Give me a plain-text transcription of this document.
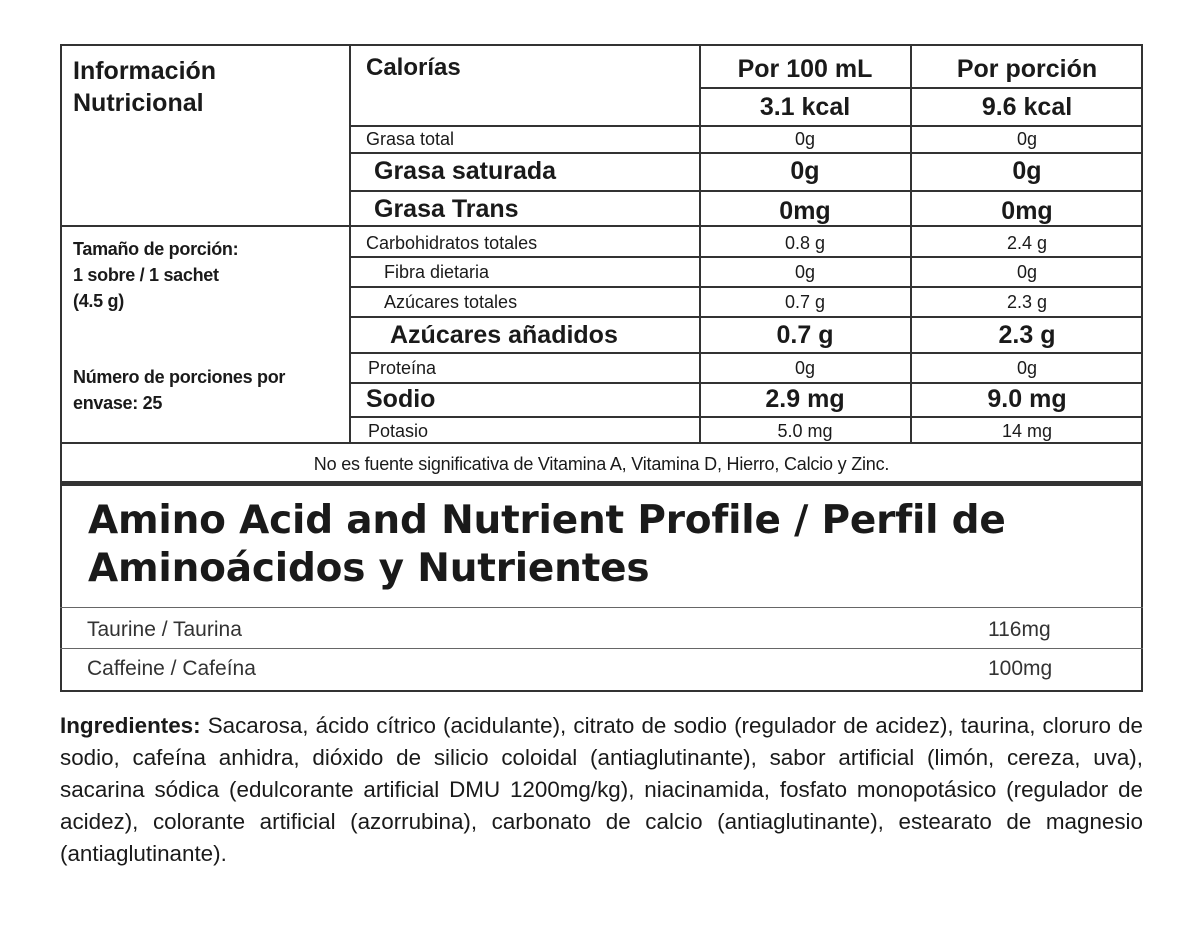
Información
Nutricional
Tamaño de porción:
1 sobre / 1 sachet
(4.5 g)
Número de porciones por
envase: 25
Calorías	Por 100 mL	Por porción
3.1 kcal	9.6 kcal
Grasa total	0g	0g
Grasa saturada	0g	0g
Grasa Trans	0mg	0mg
Carbohidratos totales	0.8 g	2.4 g
Fibra dietaria	0g	0g
Azúcares totales	0.7 g	2.3 g
Azúcares añadidos	0.7 g	2.3 g
Proteína	0g	0g
Sodio	2.9 mg	9.0 mg
Potasio	5.0 mg	14 mg
No es fuente significativa de Vitamina A, Vitamina D, Hierro, Calcio y Zinc.
Amino Acid and Nutrient Profile / Perfil de
Aminoácidos y Nutrientes
Taurine / Taurina	116mg
Caffeine / Cafeína	100mg
Ingredientes: Sacarosa, ácido cítrico (acidulante), citrato de sodio (regulador de acidez), taurina, cloruro de sodio, cafeína anhidra, dióxido de silicio coloidal (antiaglutinante), sabor artificial (limón, cereza, uva), sacarina sódica (edulcorante artificial DMU 1200mg/kg), niacinamida, fosfato monopotásico (regulador de acidez), colorante artificial (azorrubina), carbonato de calcio (antiaglutinante), estearato de magnesio (antiaglutinante).
